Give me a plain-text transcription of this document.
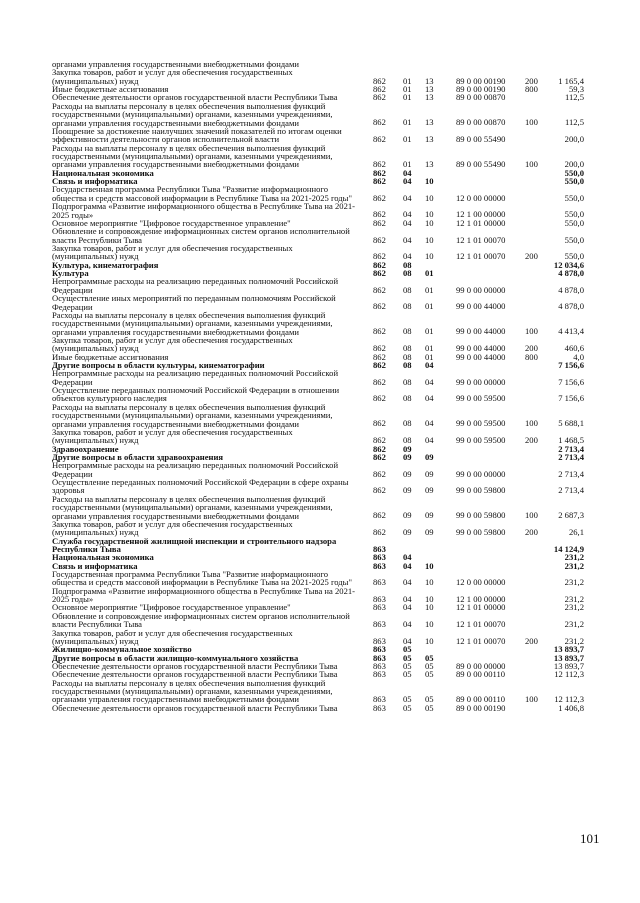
органами управления государственными внебюджетными фондами
Закупка товаров, работ и услуг для обеспечения государственных
(муниципальных) нужд	862 01 13	89 0 00 00190 200	1 165,4
Иные бюджетные ассигнования	862 01 13	89 0 00 00190 800	59,3
Обеспечение деятельности органов государственной власти Республики Тыва	862 01 13	89 0 00 00870	112,5
Расходы на выплаты персоналу в целях обеспечения выполнения функций
государственными (муниципальными) органами, казенными учреждениями,
органами управления государственными внебюджетными фондами	862 01 13	89 0 00 00870 100	112,5
Поощрение за достижение наилучших значений показателей по итогам оценки
эффективности деятельности органов исполнительной власти	862 01 13	89 0 00 55490	200,0
Расходы на выплаты персоналу в целях обеспечения выполнения функций
государственными (муниципальными) органами, казенными учреждениями,
органами управления государственными внебюджетными фондами	862 01 13	89 0 00 55490 100	200,0
Национальная экономика	862 04	550,0
Связь и информатика	862 04 10	550,0
Государственная программа Республики Тыва "Развитие информационного
общества и средств массовой информации в Республике Тыва на 2021-2025 годы"	862 04 10	12 0 00 00000	550,0
Подпрограмма «Развитие информационного общества в Республике Тыва на 2021-
2025 годы»	862 04 10	12 1 00 00000	550,0
Основное мероприятие "Цифровое государственное управление"	862 04 10	12 1 01 00000	550,0
Обновление и сопровождение информационных систем органов исполнительной
власти Республики Тыва	862 04 10	12 1 01 00070	550,0
Закупка товаров, работ и услуг для обеспечения государственных
(муниципальных) нужд	862 04 10	12 1 01 00070 200	550,0
Культура, кинематография	862 08	12 034,6
Культура	862 08 01	4 878,0
Непрограммные расходы на реализацию переданных полномочий Российской
Федерации	862 08 01	99 0 00 00000	4 878,0
Осуществление иных мероприятий по переданным полномочиям Российской
Федерации	862 08 01	99 0 00 44000	4 878,0
Расходы на выплаты персоналу в целях обеспечения выполнения функций
государственными (муниципальными) органами, казенными учреждениями,
органами управления государственными внебюджетными фондами	862 08 01	99 0 00 44000 100	4 413,4
Закупка товаров, работ и услуг для обеспечения государственных
(муниципальных) нужд	862 08 01	99 0 00 44000 200	460,6
Иные бюджетные ассигнования	862 08 01	99 0 00 44000 800	4,0
Другие вопросы в области культуры, кинематографии	862 08 04	7 156,6
Непрограммные расходы на реализацию переданных полномочий Российской
Федерации	862 08 04	99 0 00 00000	7 156,6
Осуществление переданных полномочий Российской Федерации в отношении
объектов культурного наследия	862 08 04	99 0 00 59500	7 156,6
Расходы на выплаты персоналу в целях обеспечения выполнения функций
государственными (муниципальными) органами, казенными учреждениями,
органами управления государственными внебюджетными фондами	862 08 04	99 0 00 59500 100	5 688,1
Закупка товаров, работ и услуг для обеспечения государственных
(муниципальных) нужд	862 08 04	99 0 00 59500 200	1 468,5
Здравоохранение	862 09	2 713,4
Другие вопросы в области здравоохранения	862 09 09	2 713,4
Непрограммные расходы на реализацию переданных полномочий Российской
Федерации	862 09 09	99 0 00 00000	2 713,4
Осуществление переданных полномочий Российской Федерации в сфере охраны
здоровья	862 09 09	99 0 00 59800	2 713,4
Расходы на выплаты персоналу в целях обеспечения выполнения функций
государственными (муниципальными) органами, казенными учреждениями,
органами управления государственными внебюджетными фондами	862 09 09	99 0 00 59800 100	2 687,3
Закупка товаров, работ и услуг для обеспечения государственных
(муниципальных) нужд	862 09 09	99 0 00 59800 200	26,1
Служба государственной жилищной инспекции и строительного надзора
Республики Тыва	863	14 124,9
Национальная экономика	863 04	231,2
Связь и информатика	863 04 10	231,2
Государственная программа Республики Тыва "Развитие информационного
общества и средств массовой информации в Республике Тыва на 2021-2025 годы"	863 04 10	12 0 00 00000	231,2
Подпрограмма «Развитие информационного общества в Республике Тыва на 2021-
2025 годы»	863 04 10	12 1 00 00000	231,2
Основное мероприятие "Цифровое государственное управление"	863 04 10	12 1 01 00000	231,2
Обновление и сопровождение информационных систем органов исполнительной
власти Республики Тыва	863 04 10	12 1 01 00070	231,2
Закупка товаров, работ и услуг для обеспечения государственных
(муниципальных) нужд	863 04 10	12 1 01 00070 200	231,2
Жилищно-коммунальное хозяйство	863 05	13 893,7
Другие вопросы в области жилищно-коммунального хозяйства	863 05 05	13 893,7
Обеспечение деятельности органов государственной власти Республики Тыва	863 05 05	89 0 00 00000	13 893,7
Обеспечение деятельности органов государственной власти Республики Тыва	863 05 05	89 0 00 00110	12 112,3
Расходы на выплаты персоналу в целях обеспечения выполнения функций
государственными (муниципальными) органами, казенными учреждениями,
органами управления государственными внебюджетными фондами	863 05 05	89 0 00 00110 100	12 112,3
Обеспечение деятельности органов государственной власти Республики Тыва	863 05 05	89 0 00 00190	1 406,8
101
